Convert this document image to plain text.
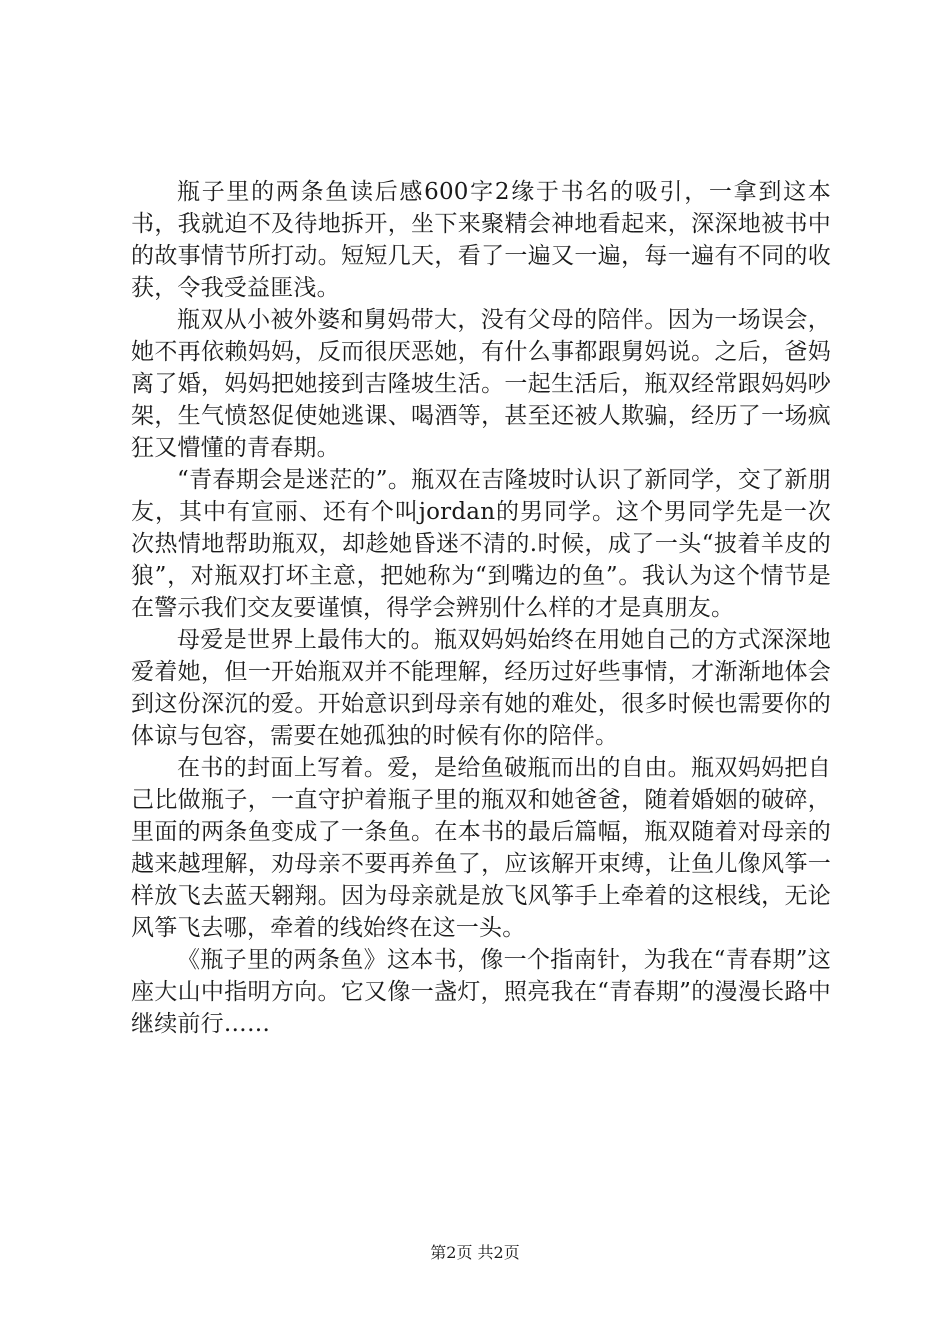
瓶子里的两条鱼读后感600字2缘于书名的吸引，一拿到这本书，我就迫不及待地拆开，坐下来聚精会神地看起来，深深地被书中的故事情节所打动。短短几天，看了一遍又一遍，每一遍有不同的收获，令我受益匪浅。

瓶双从小被外婆和舅妈带大，没有父母的陪伴。因为一场误会，她不再依赖妈妈，反而很厌恶她，有什么事都跟舅妈说。之后，爸妈离了婚，妈妈把她接到吉隆坡生活。一起生活后，瓶双经常跟妈妈吵架，生气愤怒促使她逃课、喝酒等，甚至还被人欺骗，经历了一场疯狂又懵懂的青春期。

“青春期会是迷茫的”。瓶双在吉隆坡时认识了新同学，交了新朋友，其中有宣丽、还有个叫jordan的男同学。这个男同学先是一次次热情地帮助瓶双，却趁她昏迷不清的.时候，成了一头“披着羊皮的狼”，对瓶双打坏主意，把她称为“到嘴边的鱼”。我认为这个情节是在警示我们交友要谨慎，得学会辨别什么样的才是真朋友。

母爱是世界上最伟大的。瓶双妈妈始终在用她自己的方式深深地爱着她，但一开始瓶双并不能理解，经历过好些事情，才渐渐地体会到这份深沉的爱。开始意识到母亲有她的难处，很多时候也需要你的体谅与包容，需要在她孤独的时候有你的陪伴。

在书的封面上写着。爱，是给鱼破瓶而出的自由。瓶双妈妈把自己比做瓶子，一直守护着瓶子里的瓶双和她爸爸，随着婚姻的破碎，里面的两条鱼变成了一条鱼。在本书的最后篇幅，瓶双随着对母亲的越来越理解，劝母亲不要再养鱼了，应该解开束缚，让鱼儿像风筝一样放飞去蓝天翱翔。因为母亲就是放飞风筝手上牵着的这根线，无论风筝飞去哪，牵着的线始终在这一头。

《瓶子里的两条鱼》这本书，像一个指南针，为我在“青春期”这座大山中指明方向。它又像一盏灯，照亮我在“青春期”的漫漫长路中继续前行……

第2页 共2页
